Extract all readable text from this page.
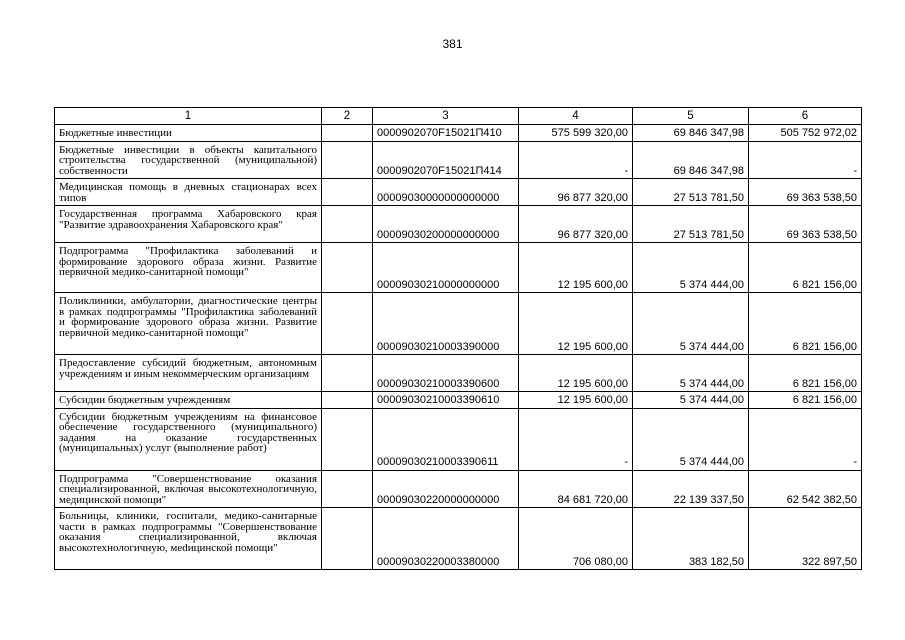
381
1	2	3	4	5	6
Бюджетные инвестиции		0000902070F15021П410	575 599 320,00	69 846 347,98	505 752 972,02
Бюджетные инвестиции в объекты капитального строительства государственной (муниципальной) собственности		0000902070F15021П414	-	69 846 347,98	-
Медицинская помощь в дневных стационарах всех типов		00009030000000000000	96 877 320,00	27 513 781,50	69 363 538,50
Государственная программа Хабаровского края "Развитие здравоохранения Хабаровского края"		00009030200000000000	96 877 320,00	27 513 781,50	69 363 538,50
Подпрограмма "Профилактика заболеваний и формирование здорового образа жизни. Развитие первичной медико-санитарной помощи"		00009030210000000000	12 195 600,00	5 374 444,00	6 821 156,00
Поликлиники, амбулатории, диагностические центры в рамках подпрограммы "Профилактика заболеваний и формирование здорового образа жизни. Развитие первичной медико-санитарной помощи"		00009030210003390000	12 195 600,00	5 374 444,00	6 821 156,00
Предоставление субсидий бюджетным, автономным учреждениям и иным некоммерческим организациям		00009030210003390600	12 195 600,00	5 374 444,00	6 821 156,00
Субсидии бюджетным учреждениям		00009030210003390610	12 195 600,00	5 374 444,00	6 821 156,00
Субсидии бюджетным учреждениям на финансовое обеспечение государственного (муниципального) задания на оказание государственных (муниципальных) услуг (выполнение работ)		00009030210003390611	-	5 374 444,00	-
Подпрограмма "Совершенствование оказания специализированной, включая высокотехнологичную, медицинской помощи"		00009030220000000000	84 681 720,00	22 139 337,50	62 542 382,50
Больницы, клиники, госпитали, медико-санитарные части в рамках подпрограммы "Совершенствование оказания специализированной, включая высокотехнологичную, меdицинской помощи"		00009030220003380000	706 080,00	383 182,50	322 897,50
